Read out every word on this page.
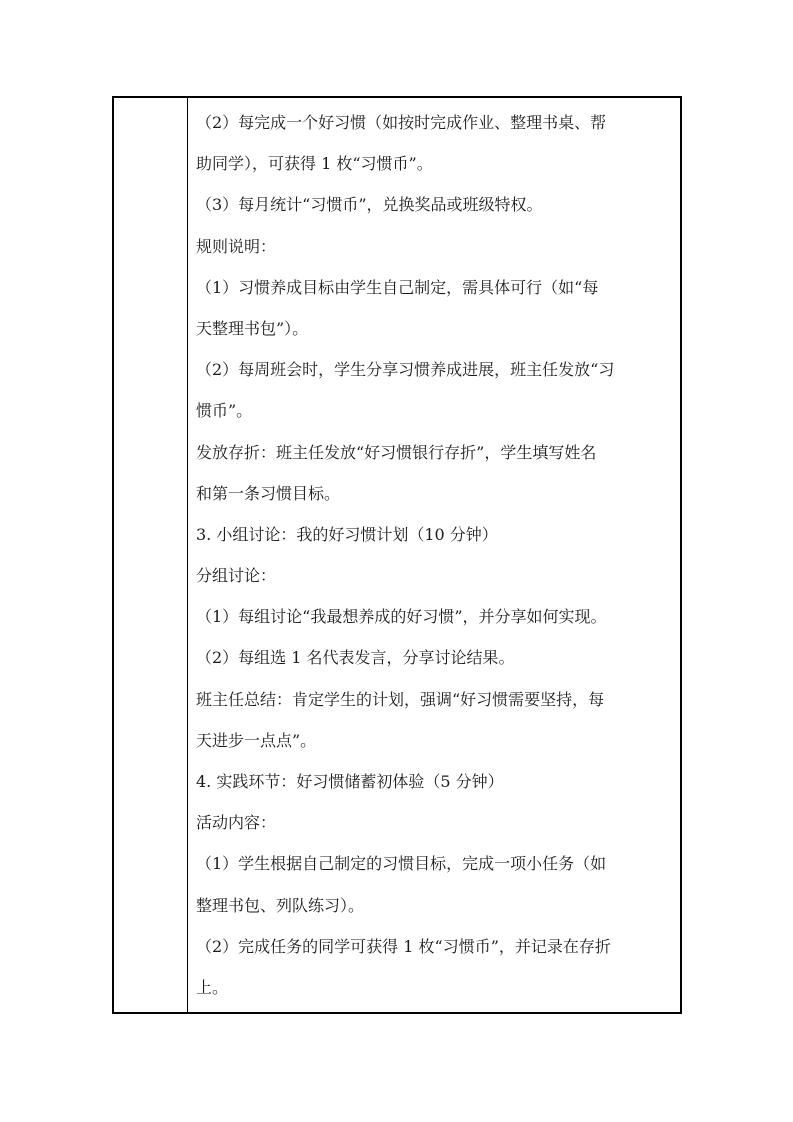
（2）每完成一个好习惯（如按时完成作业、整理书桌、帮
助同学），可获得 1 枚“习惯币”。
（3）每月统计“习惯币”，兑换奖品或班级特权。
规则说明：
（1）习惯养成目标由学生自己制定，需具体可行（如“每
天整理书包”）。
（2）每周班会时，学生分享习惯养成进展，班主任发放“习
惯币”。
发放存折：班主任发放“好习惯银行存折”，学生填写姓名
和第一条习惯目标。
3. 小组讨论：我的好习惯计划（10 分钟）
分组讨论：
（1）每组讨论“我最想养成的好习惯”，并分享如何实现。
（2）每组选 1 名代表发言，分享讨论结果。
班主任总结：肯定学生的计划，强调“好习惯需要坚持，每
天进步一点点”。
4. 实践环节：好习惯储蓄初体验（5 分钟）
活动内容：
（1）学生根据自己制定的习惯目标，完成一项小任务（如
整理书包、列队练习）。
（2）完成任务的同学可获得 1 枚“习惯币”，并记录在存折
上。
